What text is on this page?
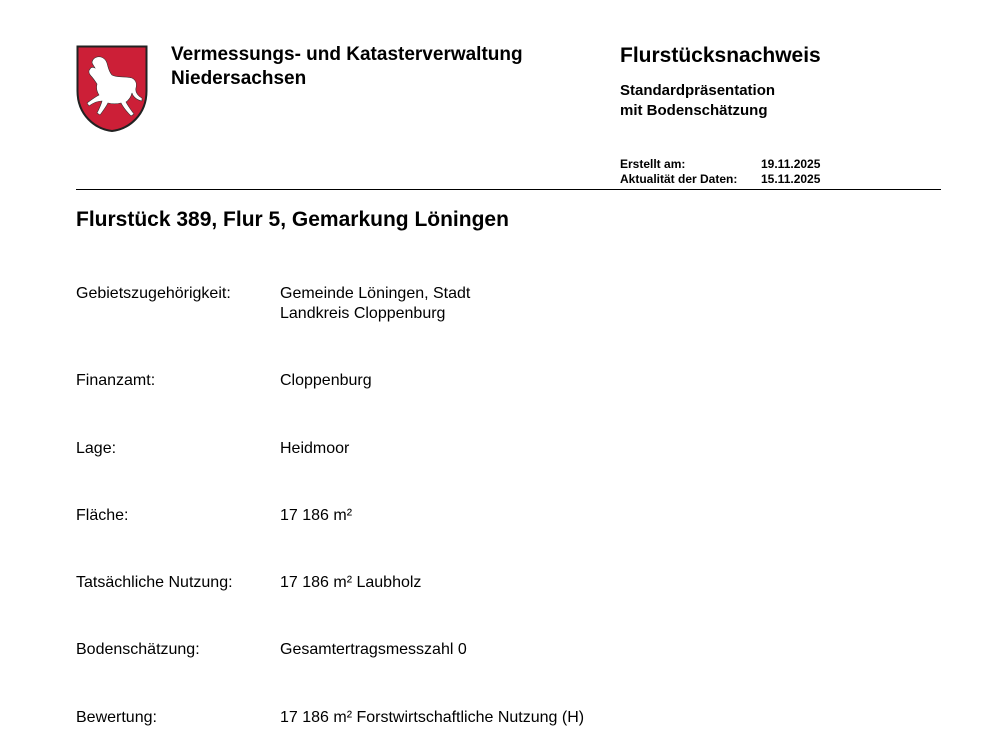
Vermessungs- und Katasterverwaltung
Niedersachsen
Flurstücksnachweis
Standardpräsentation
mit Bodenschätzung
Erstellt am:	19.11.2025
Aktualität der Daten:	15.11.2025
Flurstück 389, Flur 5, Gemarkung Löningen
Gebietszugehörigkeit:	Gemeinde Löningen, Stadt
Landkreis Cloppenburg
Finanzamt:	Cloppenburg
Lage:	Heidmoor
Fläche:	17 186 m²
Tatsächliche Nutzung:	17 186 m² Laubholz
Bodenschätzung:	Gesamtertragsmesszahl 0
Bewertung:	17 186 m² Forstwirtschaftliche Nutzung (H)
